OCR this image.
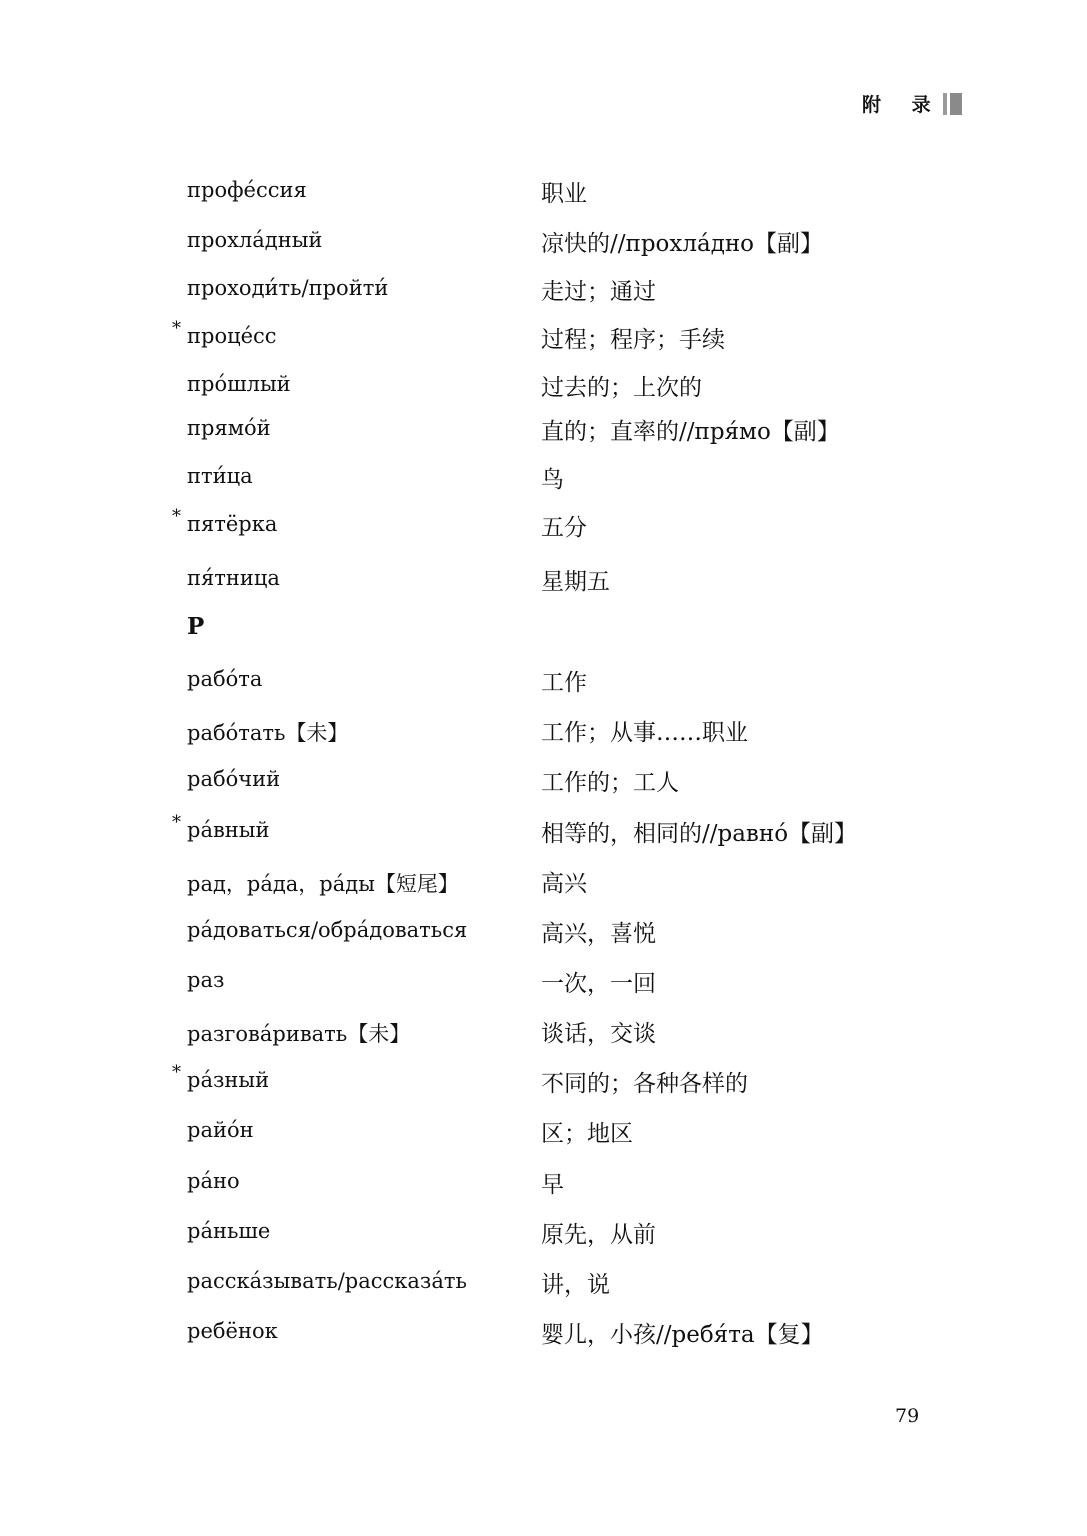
附 录
профе́ссия	职业
прохла́дный	凉快的//прохла́дно【副】
проходи́ть/пройти́	走过；通过
* проце́сс	过程；程序；手续
про́шлый	过去的；上次的
прямо́й	直的；直率的//пря́мо【副】
пти́ца	鸟
* пятёрка	五分
пя́тница	星期五
Р
рабо́та	工作
рабо́тать【未】	工作；从事……职业
рабо́чий	工作的；工人
* ра́вный	相等的，相同的//равно́【副】
рад，ра́да，ра́ды【短尾】	高兴
ра́доваться/обра́доваться	高兴，喜悦
раз	一次，一回
разгова́ривать【未】	谈话，交谈
* ра́зный	不同的；各种各样的
райо́н	区；地区
ра́но	早
ра́ньше	原先，从前
расска́зывать/рассказа́ть	讲，说
ребёнок	婴儿，小孩//ребя́та【复】
79
